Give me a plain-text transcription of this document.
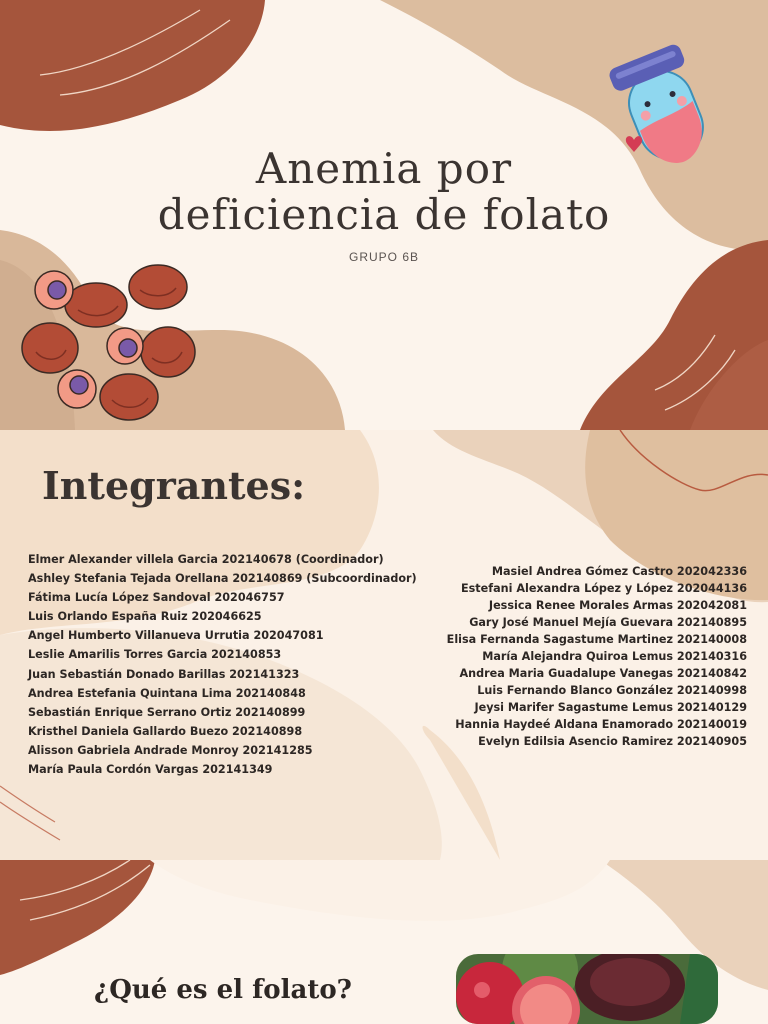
Anemia por
deficiencia de folato
GRUPO 6B
Integrantes:
Elmer Alexander villela Garcia 202140678 (Coordinador)
Ashley Stefania Tejada Orellana 202140869 (Subcoordinador)
Fátima Lucía López Sandoval 202046757
Luis Orlando España Ruiz 202046625
Angel Humberto Villanueva Urrutia 202047081
Leslie Amarilis Torres Garcia 202140853
Juan Sebastián Donado Barillas 202141323
Andrea Estefania Quintana Lima 202140848
Sebastián Enrique Serrano Ortiz 202140899
Kristhel Daniela Gallardo Buezo 202140898
Alisson Gabriela Andrade Monroy 202141285
María Paula Cordón Vargas 202141349
Masiel Andrea Gómez Castro 202042336
Estefani Alexandra López y López 202044136
Jessica Renee Morales Armas 202042081
Gary José Manuel Mejía Guevara 202140895
Elisa Fernanda Sagastume Martinez 202140008
María Alejandra Quiroa Lemus 202140316
Andrea Maria Guadalupe Vanegas 202140842
Luis Fernando Blanco González 202140998
Jeysi Marifer Sagastume Lemus 202140129
Hannia Haydeé Aldana Enamorado 202140019
Evelyn Edilsia Asencio Ramirez 202140905
¿Qué es el folato?
